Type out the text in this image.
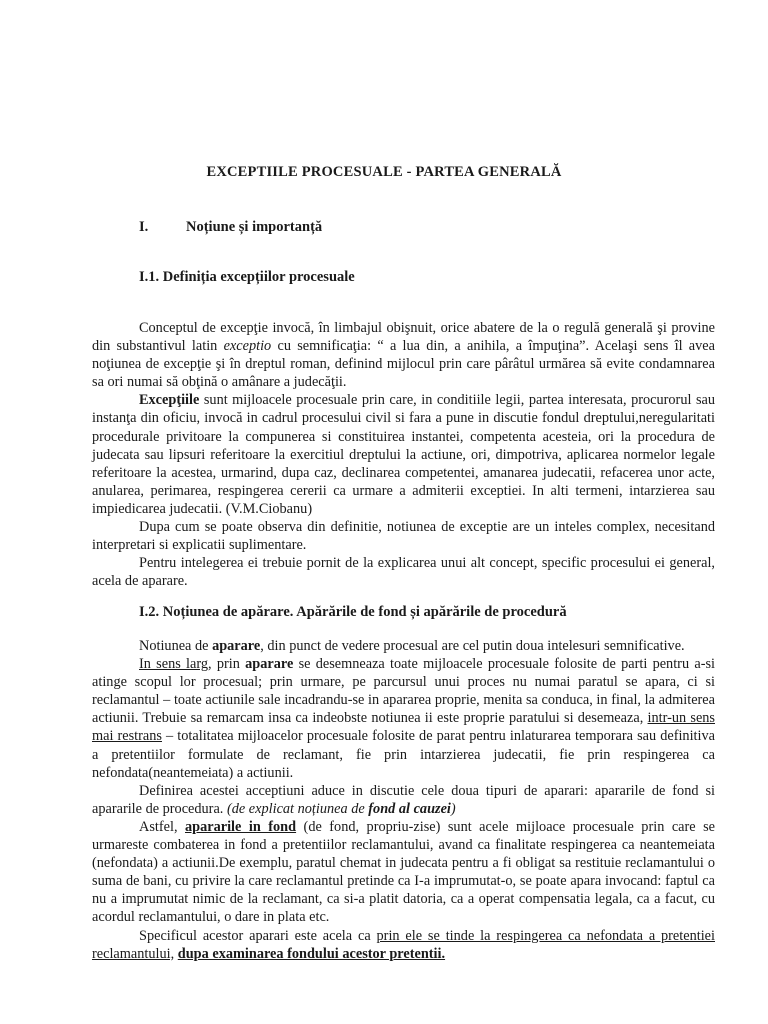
EXCEPTIILE PROCESUALE - PARTEA GENERALĂ
I.	Noțiune și importanță
I.1. Definiția excepțiilor procesuale

Conceptul de excepţie invocă, în limbajul obişnuit, orice abatere de la o regulă generală şi provine din substantivul latin exceptio cu semnificaţia: “ a lua din, a anihila, a împuţina”. Acelaşi sens îl avea noţiunea de excepţie şi în dreptul roman, definind mijlocul prin care pârâtul urmărea să evite condamnarea sa ori numai să obţină o amânare a judecăţii.

Excepţiile sunt mijloacele procesuale prin care, in conditiile legii, partea interesata, procurorul sau instanţa din oficiu, invocă in cadrul procesului civil si fara a pune in discutie fondul dreptului,neregularitati procedurale privitoare la compunerea si constituirea instantei, competenta acesteia, ori la procedura de judecata sau lipsuri referitoare la exercitiul dreptului la actiune, ori, dimpotriva, aplicarea normelor legale referitoare la acestea, urmarind, dupa caz, declinarea competentei, amanarea judecatii, refacerea unor acte, anularea, perimarea, respingerea cererii ca urmare a admiterii exceptiei. In alti termeni, intarzierea sau impiedicarea judecatii. (V.M.Ciobanu)

Dupa cum se poate observa din definitie, notiunea de exceptie are un inteles complex, necesitand interpretari si explicatii suplimentare.

Pentru intelegerea ei trebuie pornit de la explicarea unui alt concept, specific procesului ei general, acela de aparare.

I.2. Noțiunea de apărare. Apărările de fond și apărările de procedură

Notiunea de aparare, din punct de vedere procesual are cel putin doua intelesuri semnificative.

In sens larg, prin aparare se desemneaza toate mijloacele procesuale folosite de parti pentru a-si atinge scopul lor procesual; prin urmare, pe parcursul unui proces nu numai paratul se apara, ci si reclamantul – toate actiunile sale incadrandu-se in apararea proprie, menita sa conduca, in final, la admiterea actiunii. Trebuie sa remarcam insa ca indeobste notiunea ii este proprie paratului si desemeaza, intr-un sens mai restrans – totalitatea mijloacelor procesuale folosite de parat pentru inlaturarea temporara sau definitiva a pretentiilor formulate de reclamant, fie prin intarzierea judecatii, fie prin respingerea ca nefondata(neantemeiata) a actiunii.

Definirea acestei acceptiuni aduce in discutie cele doua tipuri de aparari: apararile de fond si apararile de procedura. (de explicat noțiunea de fond al cauzei)

Astfel, apararile in fond (de fond, propriu-zise) sunt acele mijloace procesuale prin care se urmareste combaterea in fond a pretentiilor reclamantului, avand ca finalitate respingerea ca neantemeiata (nefondata) a actiunii.De exemplu, paratul chemat in judecata pentru a fi obligat sa restituie reclamantului o suma de bani, cu privire la care reclamantul pretinde ca I-a imprumutat-o, se poate apara invocand: faptul ca nu a imprumutat nimic de la reclamant, ca si-a platit datoria, ca a operat compensatia legala, ca a facut, cu acordul reclamantului, o dare in plata etc.

Specificul acestor aparari este acela ca prin ele se tinde la respingerea ca nefondata a pretentiei reclamantului, dupa examinarea fondului acestor pretentii.
